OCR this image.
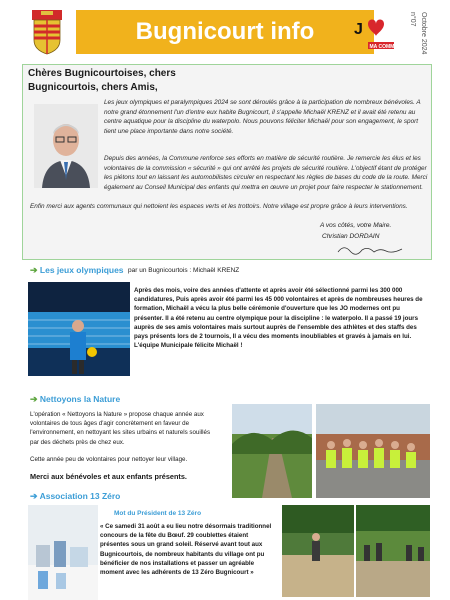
Bugnicourt info	J
MA COMMUNE Octobre 2024
n°07
Chères Bugnicourtoises, chers
Bugnicourtois, chers Amis,
Les jeux olympiques et paralympiques 2024 se sont déroulés grâce à la participation de nombreux bénévoles. A notre grand étonnement l'un d'entre eux habite Bugnicourt, il s'appelle Michaël KRENZ et il avait été retenu au centre aquatique pour la discipline du waterpolo. Nous pouvons féliciter Michaël pour son engagement, le sport tient une place importante dans notre société.
Depuis des années, la Commune renforce ses efforts en matière de sécurité routière. Je remercie les élus et les volontaires de la commission « sécurité » qui ont arrêté les projets de sécurité routière. L'objectif étant de protéger les piétons tout en laissant les automobilistes circuler en respectant les règles de bases du code de la route. Merci également au Conseil Municipal des enfants qui mettra en œuvre un projet pour faire respecter le stationnement.
Enfin merci aux agents communaux qui nettoient les espaces verts et les trottoirs. Notre village est propre grâce à leurs interventions.
A vos côtés, votre Maire.
Christian DORDAIN
➔ Les jeux olympiques par un Bugnicourtois : Michaël KRENZ
Après des mois, voire des années d'attente et après avoir été sélectionné parmi les 300 000 candidatures, Puis après avoir été parmi les 45 000 volontaires et après de nombreuses heures de formation, Michaël a vécu la plus belle cérémonie d'ouverture que les JO modernes ont pu présenter. Il a été retenu au centre olympique pour la discipline : le waterpolo. Il a passé 19 jours auprès de ses amis volontaires mais surtout auprès de l'ensemble des athlètes et des staffs des pays présents lors de 2 tournois, Il a vécu des moments inoubliables et gravés à jamais en lui. L'équipe Municipale félicite Michaël !
➔ Nettoyons la Nature
L'opération « Nettoyons la Nature » propose chaque année aux volontaires de tous âges d'agir concrètement en faveur de l'environnement, en nettoyant les sites urbains et naturels souillés par des déchets près de chez eux.
Cette année peu de volontaires pour nettoyer leur village.
Merci aux bénévoles et aux enfants présents.
➔ Association 13 Zéro
Mot du Président de 13 Zéro
« Ce samedi 31 août a eu lieu notre désormais traditionnel concours de la fête du Bœuf. 29 coublettes étaient présentes sous un grand soleil. Réservé avant tout aux Bugnicourtois, de nombreux habitants du village ont pu bénéficier de nos installations et passer un agréable moment avec les adhérents de 13 Zéro Bugnicourt »
